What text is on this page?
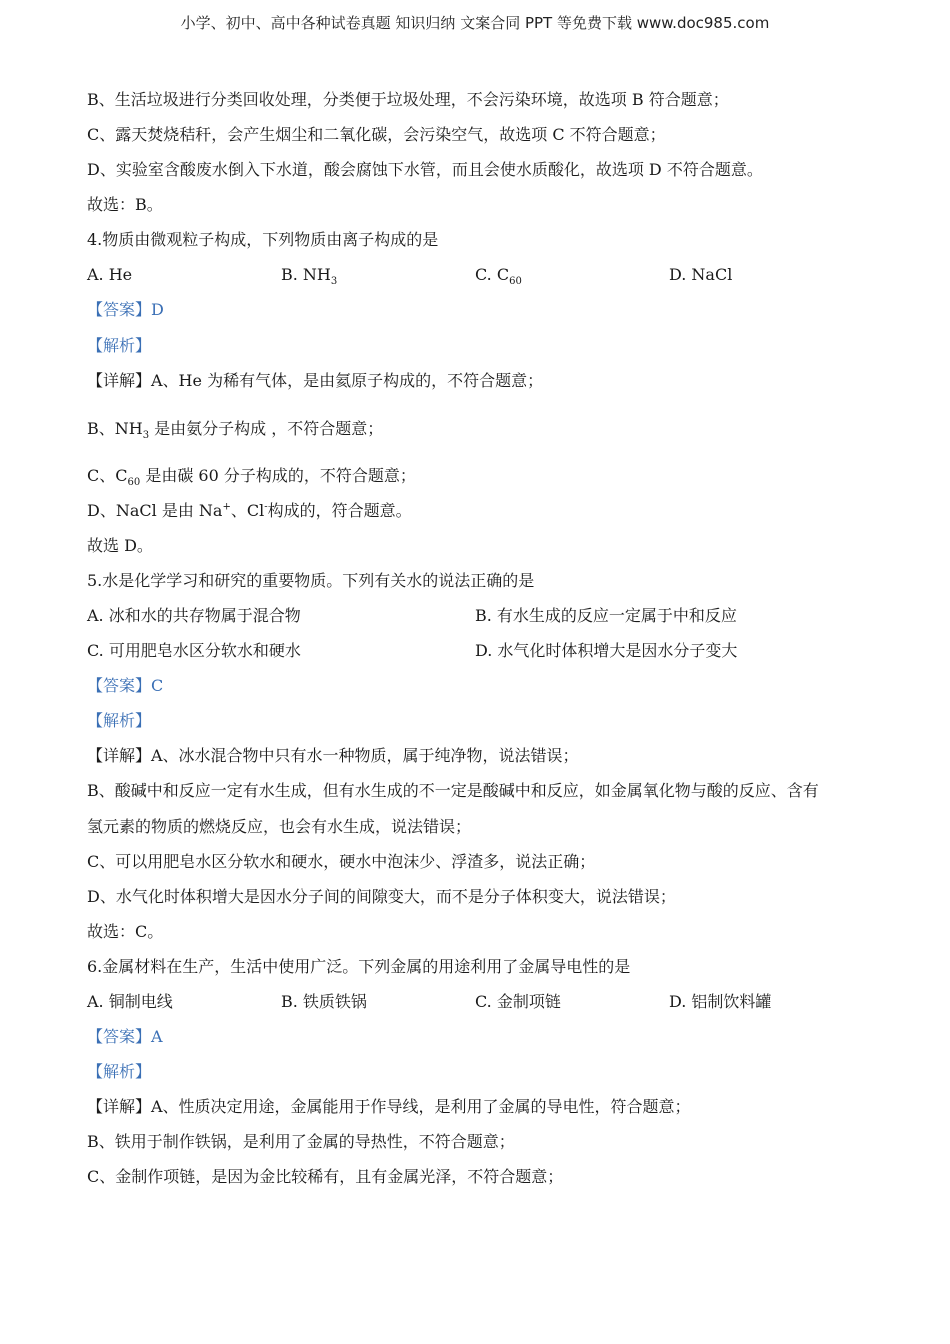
小学、初中、高中各种试卷真题 知识归纳 文案合同 PPT 等免费下载 www.doc985.com
B、生活垃圾进行分类回收处理，分类便于垃圾处理，不会污染环境，故选项 B 符合题意；
C、露天焚烧秸秆，会产生烟尘和二氧化碳，会污染空气，故选项 C 不符合题意；
D、实验室含酸废水倒入下水道，酸会腐蚀下水管，而且会使水质酸化，故选项 D 不符合题意。
故选：B。
4.物质由微观粒子构成，下列物质由离子构成的是
A. He	B. $NH_3$	C. $C_{60}$	D. NaCl
【答案】D
【解析】
【详解】A、He 为稀有气体，是由氦原子构成的，不符合题意；
B、$NH_3$ 是由氨分子构成 ，不符合题意；
C、$C_{60}$ 是由碳 60 分子构成的，不符合题意；
D、NaCl 是由 Na+、Cl-构成的，符合题意。
故选 D。
5.水是化学学习和研究的重要物质。下列有关水的说法正确的是
A. 冰和水的共存物属于混合物	B. 有水生成的反应一定属于中和反应
C. 可用肥皂水区分软水和硬水	D. 水气化时体积增大是因水分子变大
【答案】C
【解析】
【详解】A、冰水混合物中只有水一种物质，属于纯净物，说法错误；
B、酸碱中和反应一定有水生成，但有水生成的不一定是酸碱中和反应，如金属氧化物与酸的反应、含有
氢元素的物质的燃烧反应，也会有水生成，说法错误；
C、可以用肥皂水区分软水和硬水，硬水中泡沫少、浮渣多，说法正确；
D、水气化时体积增大是因水分子间的间隙变大，而不是分子体积变大，说法错误；
故选：C。
6.金属材料在生产，生活中使用广泛。下列金属的用途利用了金属导电性的是
A. 铜制电线	B. 铁质铁锅	C. 金制项链	D. 铝制饮料罐
【答案】A
【解析】
【详解】A、性质决定用途，金属能用于作导线，是利用了金属的导电性，符合题意；
B、铁用于制作铁锅，是利用了金属的导热性，不符合题意；
C、金制作项链，是因为金比较稀有，且有金属光泽，不符合题意；
